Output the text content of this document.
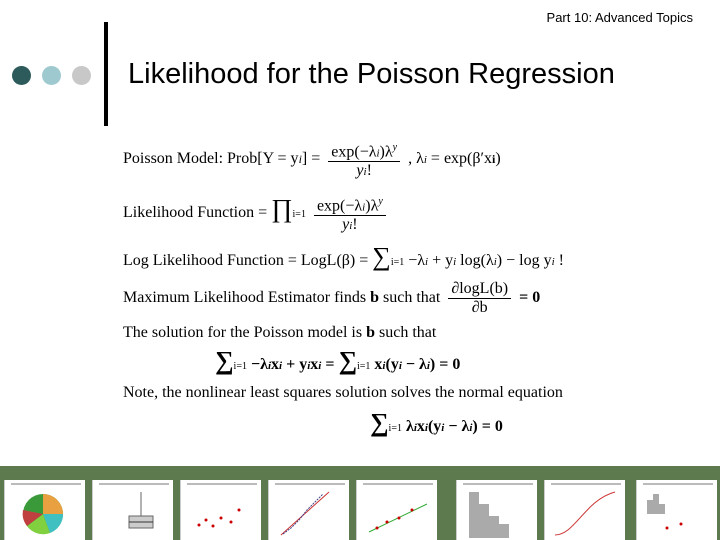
Part 10: Advanced Topics
Likelihood for the Poisson Regression
Poisson Model: Prob[Y = $yi] = \frac{\exp(-\lambda i)\lambda^y}{yi!}$ , λi = exp(β′xi)
Likelihood Function = ∏i=1 $\frac{\exp(-\lambda i)\lambda^y}{yi!}$
Log Likelihood Function = LogL(β) = ∑i=1 −λi + yi log(λi) − log yi !
Maximum Likelihood Estimator finds b such that $\frac{\partial\log L(b)}{\partial b} = 0$
The solution for the Poisson model is b such that
∑i=1 −λixi + yixi = ∑i=1 xi(yi − λi) = 0
Note, the nonlinear least squares solution solves the normal equation
∑i=1 λixi(yi − λi) = 0
